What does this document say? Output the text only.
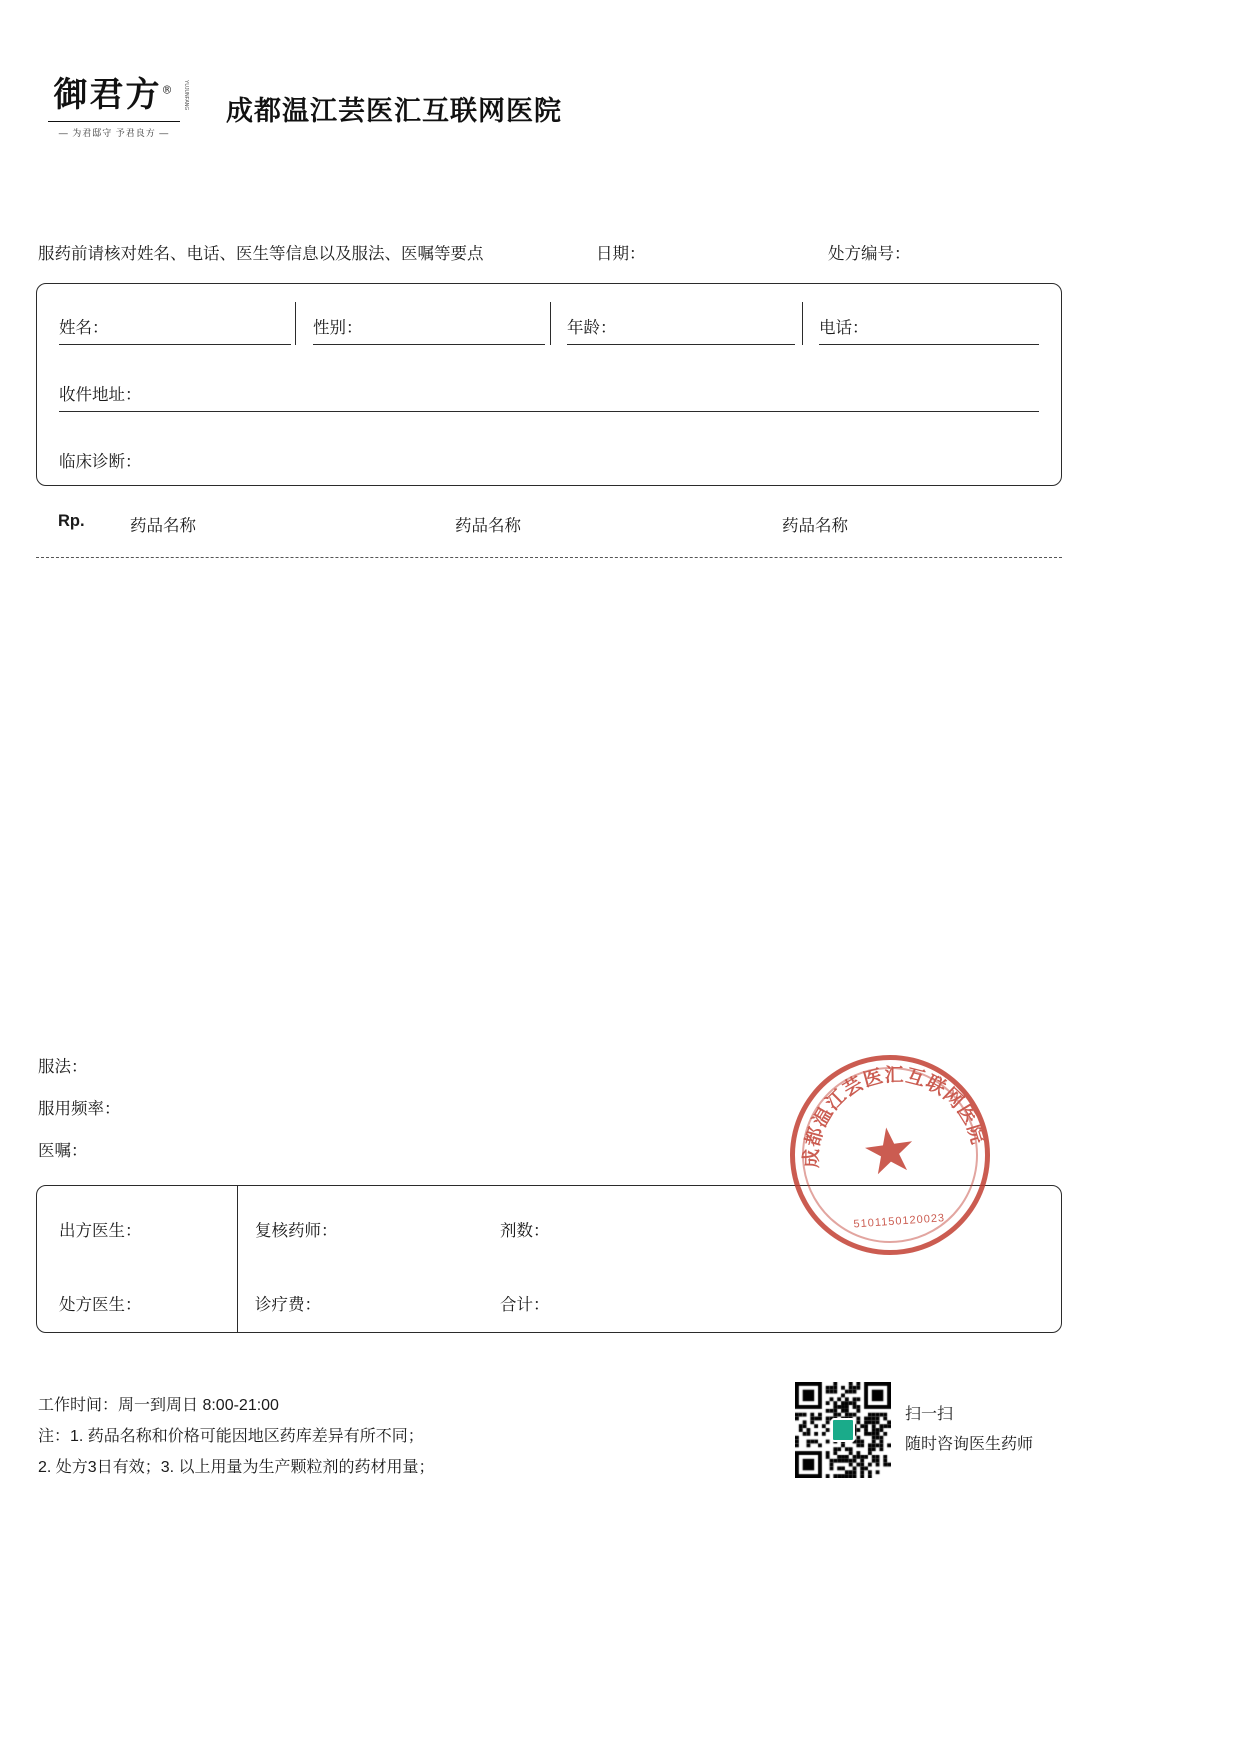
御君方®	YUJUNFANG
— 为君邸守 予君良方 —
成都温江芸医汇互联网医院
服药前请核对姓名、电话、医生等信息以及服法、医嘱等要点	日期：	处方编号：
姓名：	性别：	年龄：	电话：
收件地址：
临床诊断：
Rp.	药品名称	药品名称	药品名称
服法：
服用频率：
医嘱：
出方医生：	复核药师：	剂数：
处方医生：	诊疗费：	合计：
成都温江芸医汇互联网医院
★
5101150120023
工作时间：周一到周日 8:00-21:00
注：1. 药品名称和价格可能因地区药库差异有所不同；
2. 处方3日有效；3. 以上用量为生产颗粒剂的药材用量；
扫一扫
随时咨询医生药师
